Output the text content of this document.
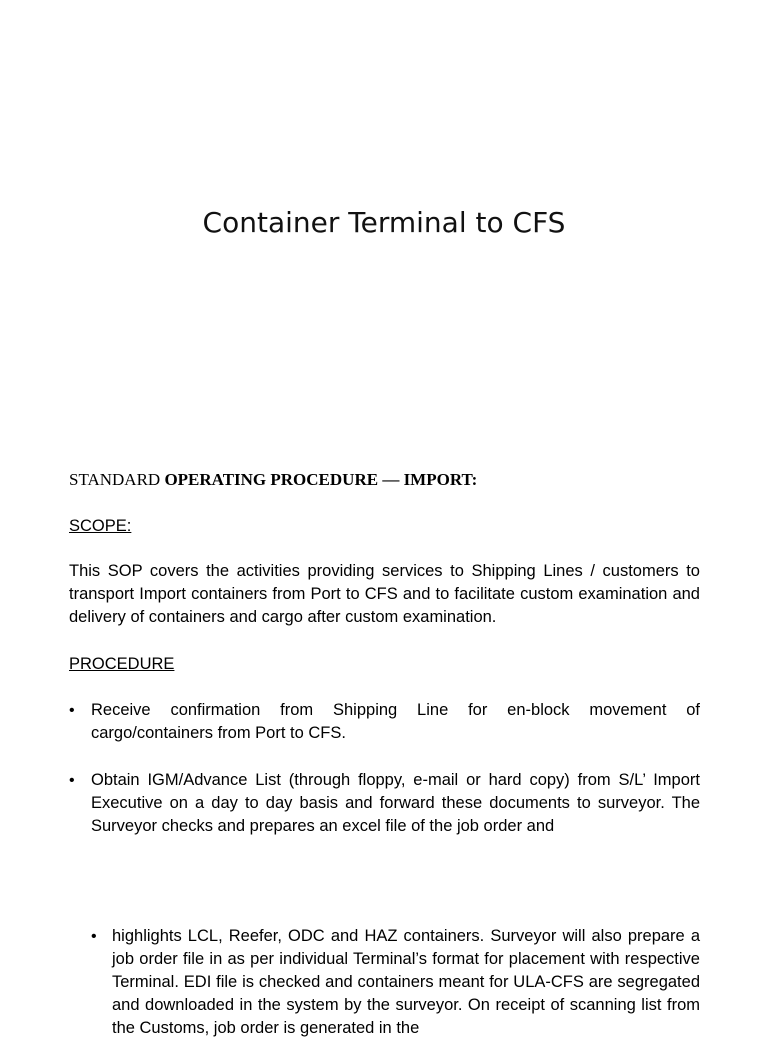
Container Terminal to CFS
STANDARD OPERATING PROCEDURE — IMPORT:
SCOPE:
This SOP covers the activities providing services to Shipping Lines / customers to transport Import containers from Port to CFS and to facilitate custom examination and delivery of containers and cargo after custom examination.
PROCEDURE
• Receive confirmation from Shipping Line for en-block movement of cargo/containers from Port to CFS.
• Obtain IGM/Advance List (through floppy, e-mail or hard copy) from S/L’ Import Executive on a day to day basis and forward these documents to surveyor. The Surveyor checks and prepares an excel file of the job order and
• highlights LCL, Reefer, ODC and HAZ containers. Surveyor will also prepare a job order file in as per individual Terminal’s format for placement with respective Terminal. EDI file is checked and containers meant for ULA-CFS are segregated and downloaded in the system by the surveyor. On receipt of scanning list from the Customs, job order is generated in the
